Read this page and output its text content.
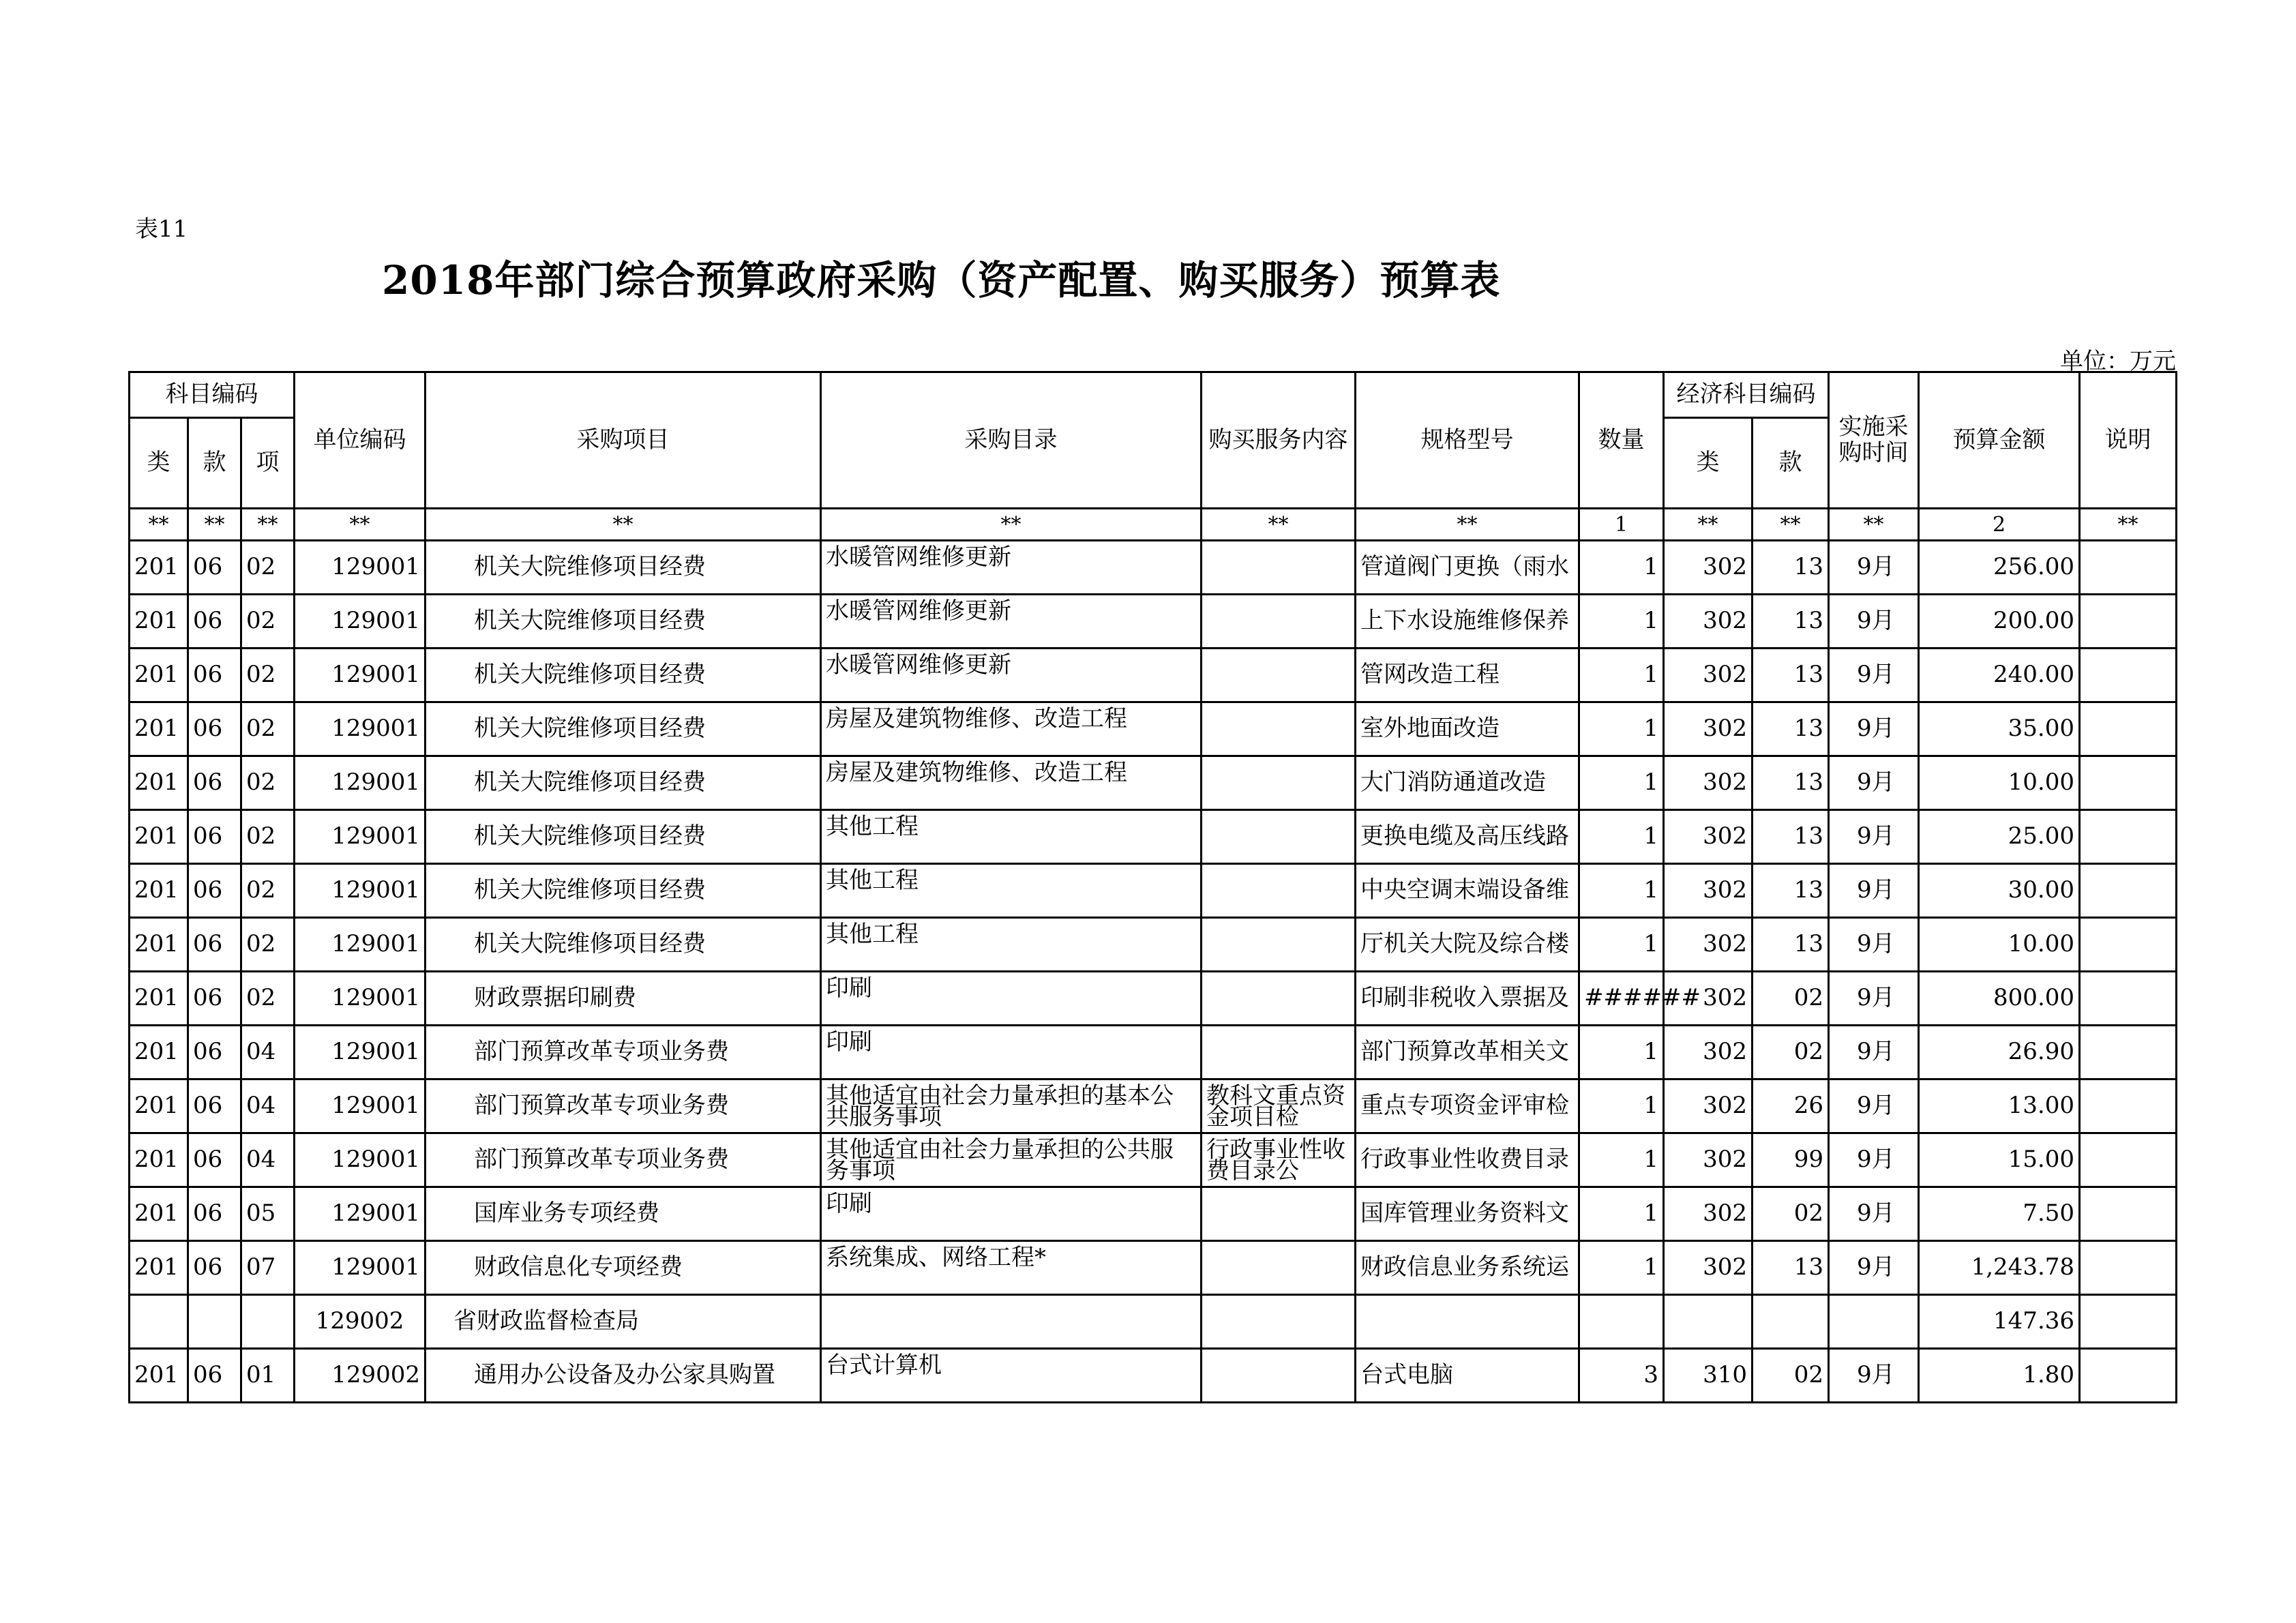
表11
2018年部门综合预算政府采购（资产配置、购买服务）预算表
单位：万元
科目编码			单位编码	采购项目	采购目录	购买服务内容	规格型号	数量	经济科目编码		实施采购时间	预算金额	说明
类	款	项							类	款			
**	**	**	**	**	**	**	**	1	**	**	**	2	**
201	06	02	129001	机关大院维修项目经费	水暖管网维修更新		管道阀门更换（雨水	1	302	13	9月	256.00	
201	06	02	129001	机关大院维修项目经费	水暖管网维修更新		上下水设施维修保养	1	302	13	9月	200.00	
201	06	02	129001	机关大院维修项目经费	水暖管网维修更新		管网改造工程	1	302	13	9月	240.00	
201	06	02	129001	机关大院维修项目经费	房屋及建筑物维修、改造工程		室外地面改造	1	302	13	9月	35.00	
201	06	02	129001	机关大院维修项目经费	房屋及建筑物维修、改造工程		大门消防通道改造	1	302	13	9月	10.00	
201	06	02	129001	机关大院维修项目经费	其他工程		更换电缆及高压线路	1	302	13	9月	25.00	
201	06	02	129001	机关大院维修项目经费	其他工程		中央空调末端设备维	1	302	13	9月	30.00	
201	06	02	129001	机关大院维修项目经费	其他工程		厅机关大院及综合楼	1	302	13	9月	10.00	
201	06	02	129001	财政票据印刷费	印刷		印刷非税收入票据及	######	302	02	9月	800.00	
201	06	04	129001	部门预算改革专项业务费	印刷		部门预算改革相关文	1	302	02	9月	26.90	
201	06	04	129001	部门预算改革专项业务费	其他适宜由社会力量承担的基本公共服务事项	教科文重点资金项目检	重点专项资金评审检	1	302	26	9月	13.00	
201	06	04	129001	部门预算改革专项业务费	其他适宜由社会力量承担的公共服务事项	行政事业性收费目录公	行政事业性收费目录	1	302	99	9月	15.00	
201	06	05	129001	国库业务专项经费	印刷		国库管理业务资料文	1	302	02	9月	7.50	
201	06	07	129001	财政信息化专项经费	系统集成、网络工程*		财政信息业务系统运	1	302	13	9月	1,243.78	
			129002	省财政监督检查局								147.36	
201	06	01	129002	通用办公设备及办公家具购置	台式计算机		台式电脑	3	310	02	9月	1.80	
